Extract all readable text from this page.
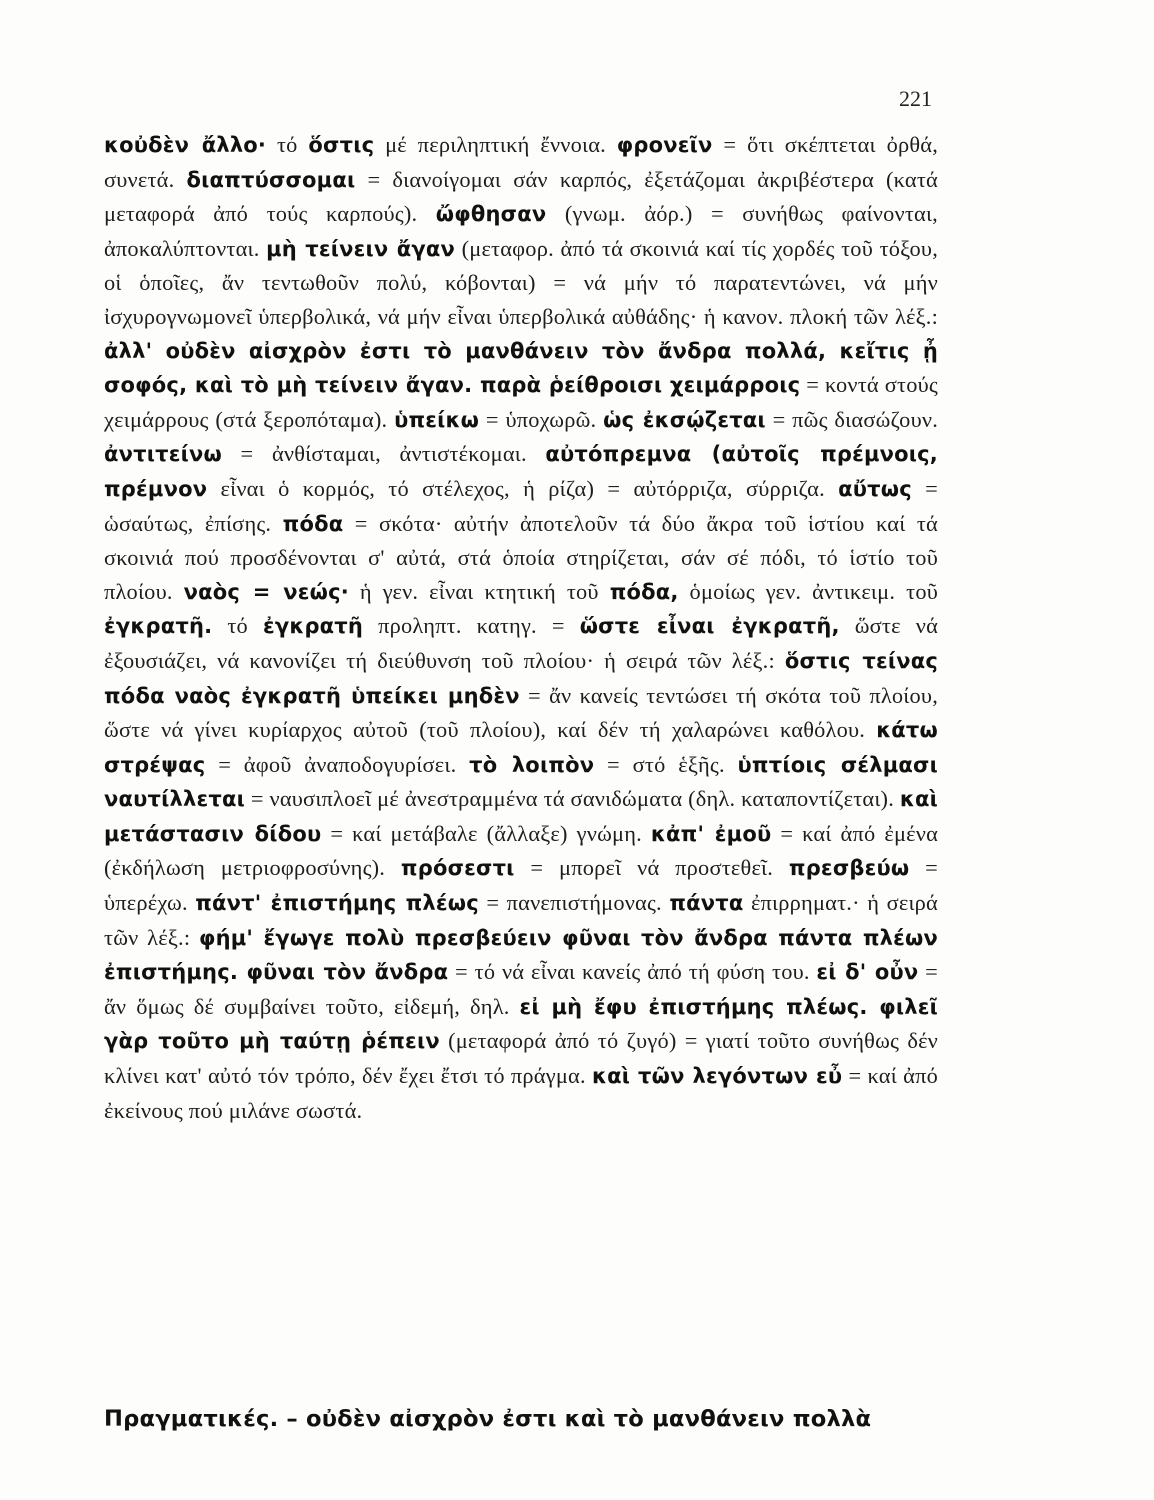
221
κοὐδὲν ἄλλο· τό ὅστις μέ περιληπτική ἔννοια. φρονεῖν = ὅτι σκέπτεται ὀρθά, συνετά. διαπτύσσομαι = διανοίγομαι σάν καρπός, ἐξετάζομαι ἀκριβέστερα (κατά μεταφορά ἀπό τούς καρπούς). ὤφθησαν (γνωμ. ἀόρ.) = συνήθως φαίνονται, ἀποκαλύπτονται. μὴ τείνειν ἄγαν (μεταφορ. ἀπό τά σκοινιά καί τίς χορδές τοῦ τόξου, οἱ ὁποῖες, ἄν τεντωθοῦν πολύ, κόβονται) = νά μήν τό παρατεντώνει, νά μήν ἰσχυρογνωμονεῖ ὑπερβολικά, νά μήν εἶναι ὑπερβολικά αὐθάδης· ἡ κανον. πλοκή τῶν λέξ.: ἀλλ' οὐδὲν αἰσχρὸν ἐστι τὸ μανθάνειν τὸν ἄνδρα πολλά, κεἴτις ᾖ σοφός, καὶ τὸ μὴ τείνειν ἄγαν. παρὰ ῥείθροισι χειμάρροις = κοντά στούς χειμάρρους (στά ξεροπόταμα). ὑπείκω = ὑποχωρῶ. ὡς ἐκσῴζεται = πῶς διασώζουν. ἀντιτείνω = ἀνθίσταμαι, ἀντιστέκομαι. αὐτόπρεμνα (αὐτοῖς πρέμνοις, πρέμνον εἶναι ὁ κορμός, τό στέλεχος, ἡ ρίζα) = αὐτόρριζα, σύρριζα. αὔτως = ὡσαύτως, ἐπίσης. πόδα = σκότα· αὐτήν ἀποτελοῦν τά δύο ἄκρα τοῦ ἱστίου καί τά σκοινιά πού προσδένονται σ' αὐτά, στά ὁποία στηρίζεται, σάν σέ πόδι, τό ἱστίο τοῦ πλοίου. ναὸς = νεώς· ἡ γεν. εἶναι κτητική τοῦ πόδα, ὁμοίως γεν. ἀντικειμ. τοῦ ἐγκρατῆ. τό ἐγκρατῆ προληπτ. κατηγ. = ὥστε εἶναι ἐγκρατῆ, ὥστε νά ἐξουσιάζει, νά κανονίζει τή διεύθυνση τοῦ πλοίου· ἡ σειρά τῶν λέξ.: ὅστις τείνας πόδα ναὸς ἐγκρατῆ ὑπείκει μηδὲν = ἄν κανείς τεντώσει τή σκότα τοῦ πλοίου, ὥστε νά γίνει κυρίαρχος αὐτοῦ (τοῦ πλοίου), καί δέν τή χαλαρώνει καθόλου. κάτω στρέψας = ἀφοῦ ἀναποδογυρίσει. τὸ λοιπὸν = στό ἑξῆς. ὑπτίοις σέλμασι ναυτίλλεται = ναυσιπλοεῖ μέ ἀνεστραμμένα τά σανιδώματα (δηλ. καταποντίζεται). καὶ μετάστασιν δίδου = καί μετάβαλε (ἄλλαξε) γνώμη. κἀπ' ἐμοῦ = καί ἀπό ἐμένα (ἐκδήλωση μετριοφροσύνης). πρόσεστι = μπορεῖ νά προστεθεῖ. πρεσβεύω = ὑπερέχω. πάντ' ἐπιστήμης πλέως = πανεπιστήμονας. πάντα ἐπιρρηματ.· ἡ σειρά τῶν λέξ.: φήμ' ἔγωγε πολὺ πρεσβεύειν φῦναι τὸν ἄνδρα πάντα πλέων ἐπιστήμης. φῦναι τὸν ἄνδρα = τό νά εἶναι κανείς ἀπό τή φύση του. εἰ δ' οὖν = ἄν ὅμως δέ συμβαίνει τοῦτο, εἰδεμή, δηλ. εἰ μὴ ἔφυ ἐπιστήμης πλέως. φιλεῖ γὰρ τοῦτο μὴ ταύτῃ ῥέπειν (μεταφορά ἀπό τό ζυγό) = γιατί τοῦτο συνήθως δέν κλίνει κατ' αὐτό τόν τρόπο, δέν ἔχει ἔτσι τό πράγμα. καὶ τῶν λεγόντων εὖ = καί ἀπό ἐκείνους πού μιλάνε σωστά.
Πραγματικές. – οὐδὲν αἰσχρὸν ἐστι καὶ τὸ μανθάνειν πολλὰ
